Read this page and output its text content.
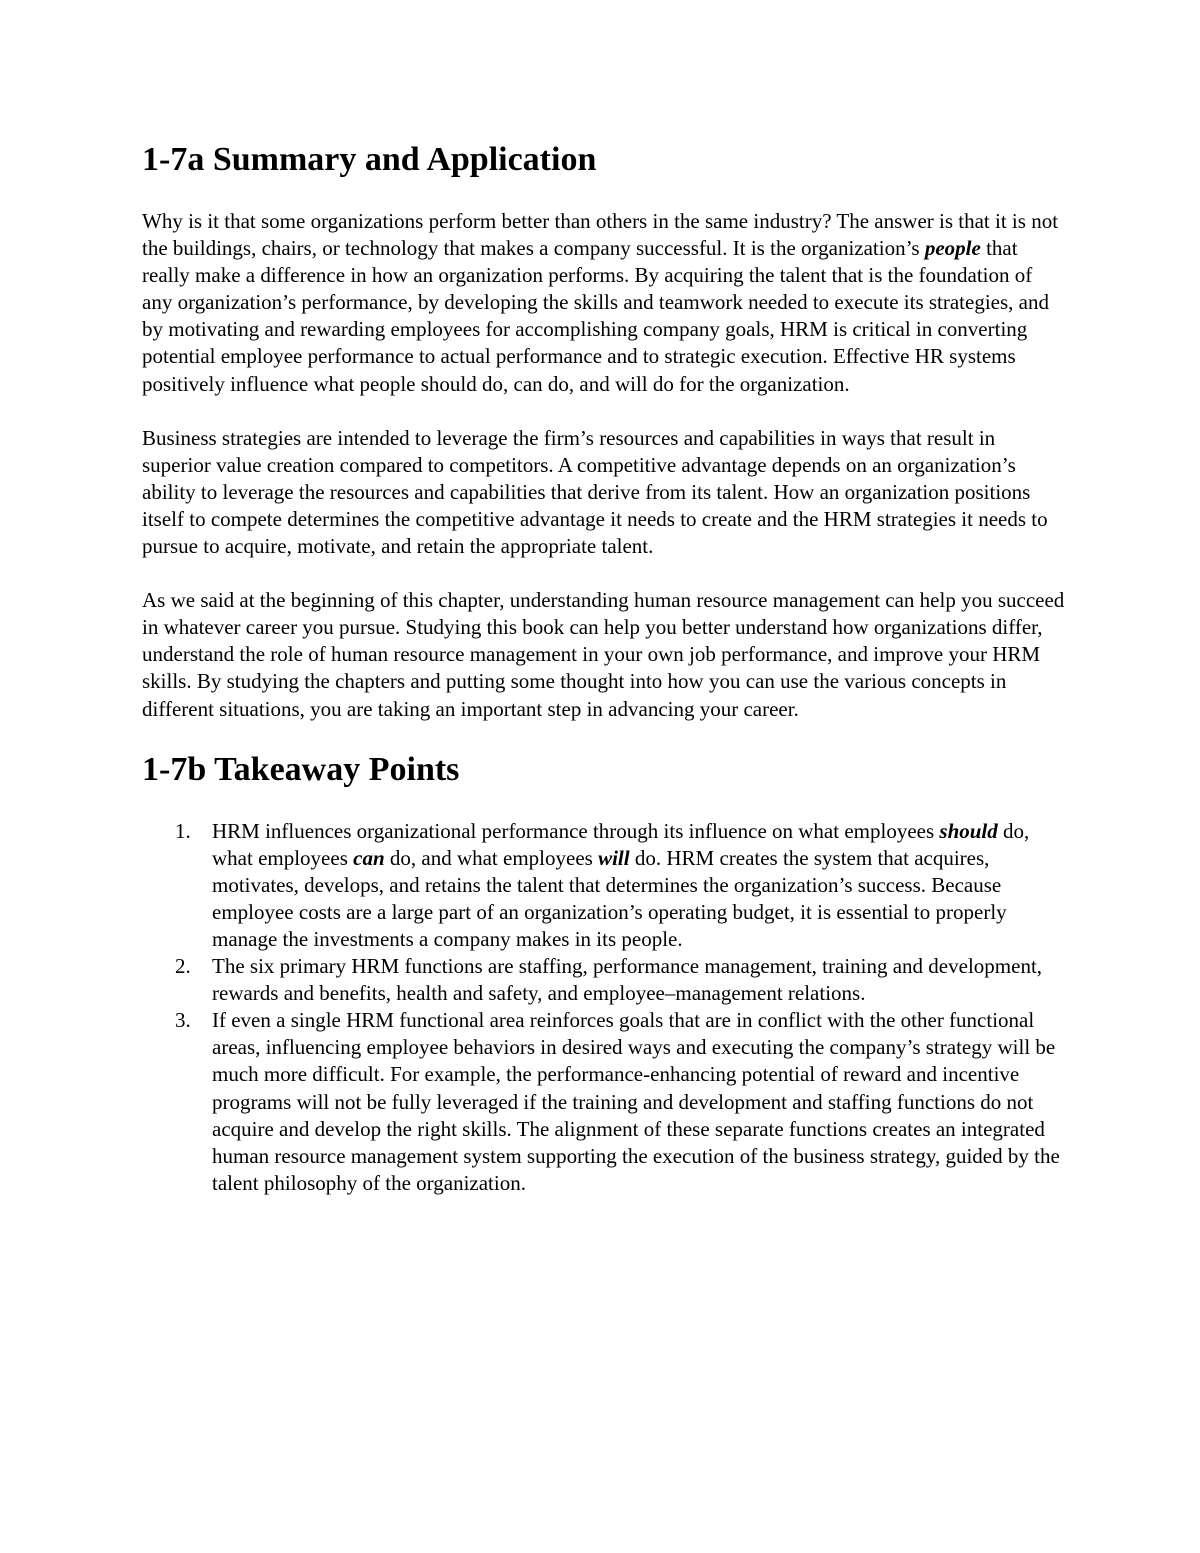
1-7a Summary and Application

Why is it that some organizations perform better than others in the same industry? The answer is that it is not the buildings, chairs, or technology that makes a company successful. It is the organization’s people that really make a difference in how an organization performs. By acquiring the talent that is the foundation of any organization’s performance, by developing the skills and teamwork needed to execute its strategies, and by motivating and rewarding employees for accomplishing company goals, HRM is critical in converting potential employee performance to actual performance and to strategic execution. Effective HR systems positively influence what people should do, can do, and will do for the organization.

Business strategies are intended to leverage the firm’s resources and capabilities in ways that result in superior value creation compared to competitors. A competitive advantage depends on an organization’s ability to leverage the resources and capabilities that derive from its talent. How an organization positions itself to compete determines the competitive advantage it needs to create and the HRM strategies it needs to pursue to acquire, motivate, and retain the appropriate talent.

As we said at the beginning of this chapter, understanding human resource management can help you succeed in whatever career you pursue. Studying this book can help you better understand how organizations differ, understand the role of human resource management in your own job performance, and improve your HRM skills. By studying the chapters and putting some thought into how you can use the various concepts in different situations, you are taking an important step in advancing your career.

1-7b Takeaway Points
1. HRM influences organizational performance through its influence on what employees should do, what employees can do, and what employees will do. HRM creates the system that acquires, motivates, develops, and retains the talent that determines the organization’s success. Because employee costs are a large part of an organization’s operating budget, it is essential to properly manage the investments a company makes in its people.
2. The six primary HRM functions are staffing, performance management, training and development, rewards and benefits, health and safety, and employee–management relations.
3. If even a single HRM functional area reinforces goals that are in conflict with the other functional areas, influencing employee behaviors in desired ways and executing the company’s strategy will be much more difficult. For example, the performance-enhancing potential of reward and incentive programs will not be fully leveraged if the training and development and staffing functions do not acquire and develop the right skills. The alignment of these separate functions creates an integrated human resource management system supporting the execution of the business strategy, guided by the talent philosophy of the organization.
